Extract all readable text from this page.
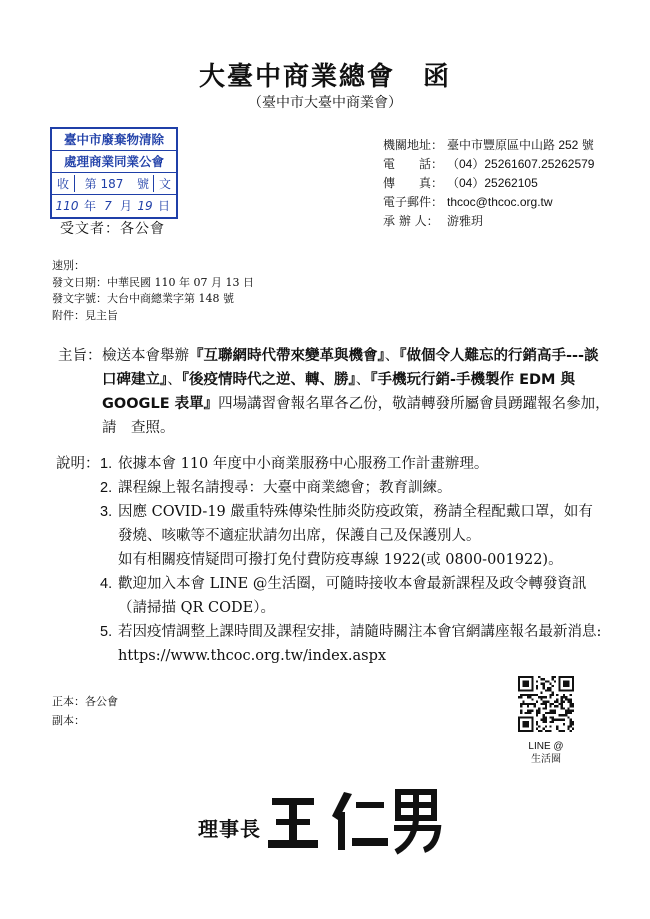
大臺中商業總會　函
（臺中市大臺中商業會）
臺中市廢棄物清除
處理商業同業公會
收	第 187	號 文
110 年 7 月 19 日
受文者：各公會
機關地址： 臺中市豐原區中山路 252 號
電　　話： （04）25261607.25262579
傳　　真： （04）25262105
電子郵件： thcoc@thcoc.org.tw
承 辦 人： 游雅玥
速別：
發文日期：中華民國 110 年 07 月 13 日
發文字號：大台中商總業字第 148 號
附件：見主旨
主旨： 檢送本會舉辦『互聯網時代帶來變革與機會』、『做個令人難忘的行銷高手---談口碑建立』、『後疫情時代之逆、轉、勝』、『手機玩行銷-手機製作 EDM 與 GOOGLE 表單』四場講習會報名單各乙份，敬請轉發所屬會員踴躍報名參加，請　查照。
說明： 1. 依據本會 110 年度中小商業服務中心服務工作計畫辦理。
2. 課程線上報名請搜尋：大臺中商業總會；教育訓練。
3. 因應 COVID-19 嚴重特殊傳染性肺炎防疫政策，務請全程配戴口罩，如有發燒、咳嗽等不適症狀請勿出席，保護自己及保護別人。
如有相關疫情疑問可撥打免付費防疫專線 1922(或 0800-001922)。
4. 歡迎加入本會 LINE @生活圈，可隨時接收本會最新課程及政令轉發資訊（請掃描 QR CODE）。
5. 若因疫情調整上課時間及課程安排，請隨時關注本會官網講座報名最新消息: https://www.thcoc.org.tw/index.aspx
正本：各公會
副本：
LINE @
生活圈
理事長
